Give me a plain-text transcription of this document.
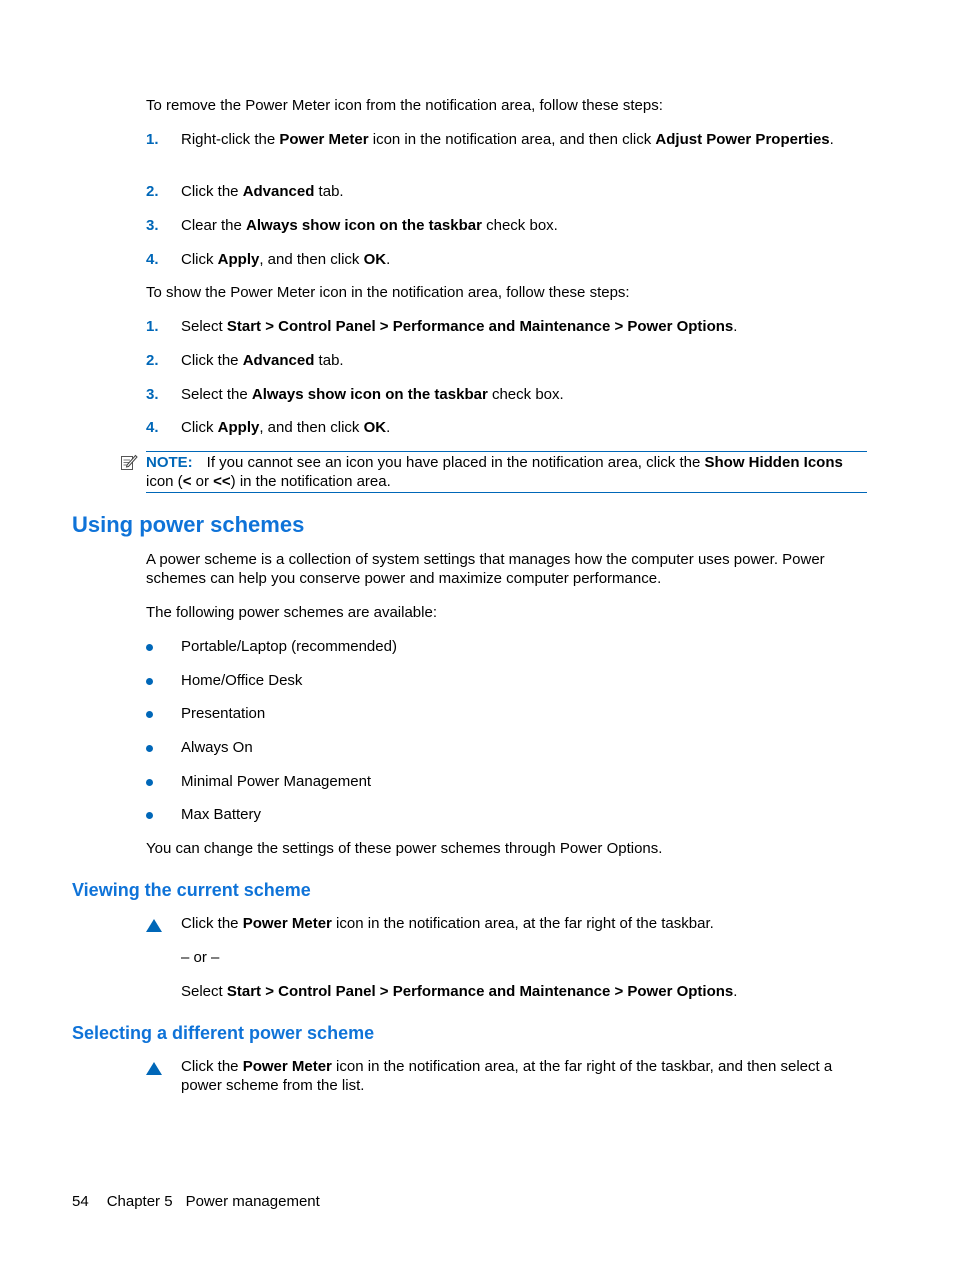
To remove the Power Meter icon from the notification area, follow these steps:
1. Right-click the Power Meter icon in the notification area, and then click Adjust Power Properties.
2. Click the Advanced tab.
3. Clear the Always show icon on the taskbar check box.
4. Click Apply, and then click OK.
To show the Power Meter icon in the notification area, follow these steps:
1. Select Start > Control Panel > Performance and Maintenance > Power Options.
2. Click the Advanced tab.
3. Select the Always show icon on the taskbar check box.
4. Click Apply, and then click OK.
NOTE: If you cannot see an icon you have placed in the notification area, click the Show Hidden Icons icon (< or <<) in the notification area.
Using power schemes
A power scheme is a collection of system settings that manages how the computer uses power. Power schemes can help you conserve power and maximize computer performance.
The following power schemes are available:
Portable/Laptop (recommended)
Home/Office Desk
Presentation
Always On
Minimal Power Management
Max Battery
You can change the settings of these power schemes through Power Options.
Viewing the current scheme
Click the Power Meter icon in the notification area, at the far right of the taskbar.
– or –
Select Start > Control Panel > Performance and Maintenance > Power Options.
Selecting a different power scheme
Click the Power Meter icon in the notification area, at the far right of the taskbar, and then select a power scheme from the list.
54 Chapter 5 Power management
